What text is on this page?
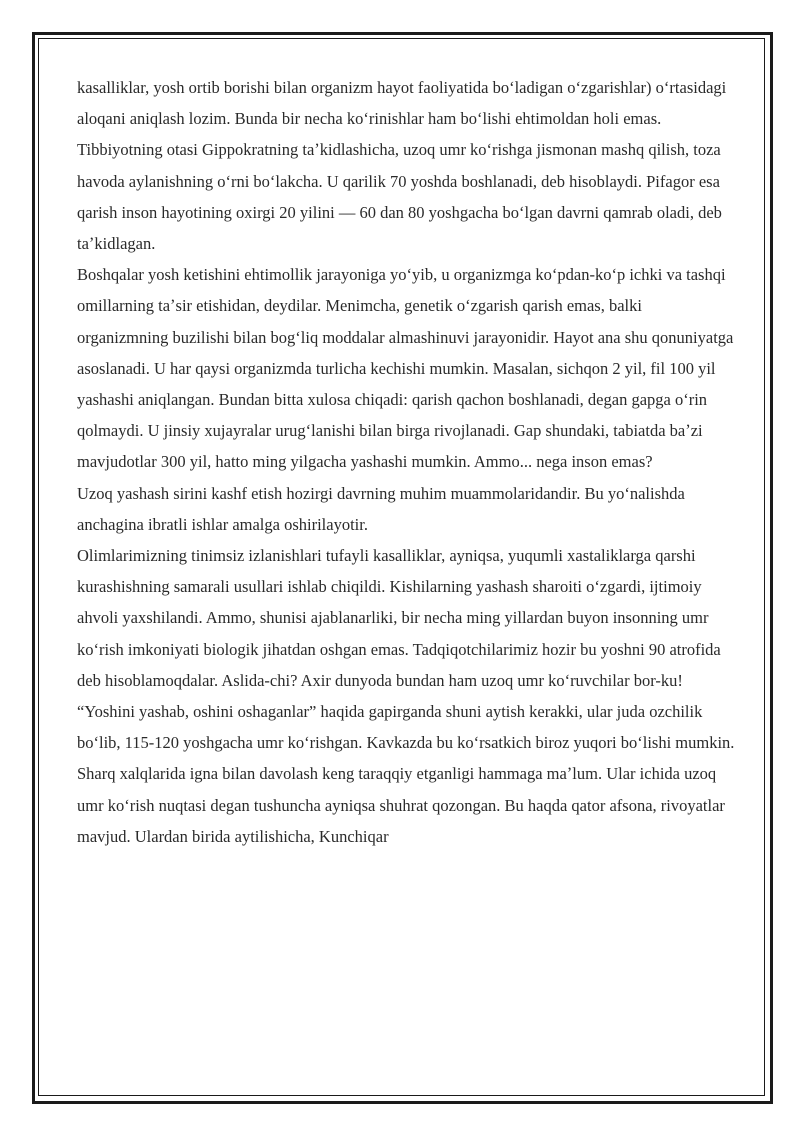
kasalliklar, yosh ortib borishi bilan organizm hayot faoliyatida boʻladigan oʻzgarishlar) oʻrtasidagi aloqani aniqlash lozim. Bunda bir necha koʻrinishlar ham boʻlishi ehtimoldan holi emas.

Tibbiyotning otasi Gippokratning taʼkidlashicha, uzoq umr koʻrishga jismonan mashq qilish, toza havoda aylanishning oʻrni boʻlakcha. U qarilik 70 yoshda boshlanadi, deb hisoblaydi. Pifagor esa qarish inson hayotining oxirgi 20 yilini — 60 dan 80 yoshgacha boʻlgan davrni qamrab oladi, deb taʼkidlagan.

Boshqalar yosh ketishini ehtimollik jarayoniga yoʻyib, u organizmga koʻpdan-koʻp ichki va tashqi omillarning taʼsir etishidan, deydilar. Menimcha, genetik oʻzgarish qarish emas, balki organizmning buzilishi bilan bogʻliq moddalar almashinuvi jarayonidir. Hayot ana shu qonuniyatga asoslanadi. U har qaysi organizmda turlicha kechishi mumkin. Masalan, sichqon 2 yil, fil 100 yil yashashi aniqlangan. Bundan bitta xulosa chiqadi: qarish qachon boshlanadi, degan gapga oʻrin qolmaydi. U jinsiy xujayralar urugʻlanishi bilan birga rivojlanadi. Gap shundaki, tabiatda baʼzi mavjudotlar 300 yil, hatto ming yilgacha yashashi mumkin. Ammo... nega inson emas?

Uzoq yashash sirini kashf etish hozirgi davrning muhim muammolaridandir. Bu yoʻnalishda anchagina ibratli ishlar amalga oshirilayotir.

Olimlarimizning tinimsiz izlanishlari tufayli kasalliklar, ayniqsa, yuqumli xastaliklarga qarshi kurashishning samarali usullari ishlab chiqildi. Kishilarning yashash sharoiti oʻzgardi, ijtimoiy ahvoli yaxshilandi. Ammo, shunisi ajablanarliki, bir necha ming yillardan buyon insonning umr koʻrish imkoniyati biologik jihatdan oshgan emas. Tadqiqotchilarimiz hozir bu yoshni 90 atrofida deb hisoblamoqdalar. Aslida-chi? Axir dunyoda bundan ham uzoq umr koʻruvchilar bor-ku!

“Yoshini yashab, oshini oshaganlar” haqida gapirganda shuni aytish kerakki, ular juda ozchilik boʻlib, 115-120 yoshgacha umr koʻrishgan. Kavkazda bu koʻrsatkich biroz yuqori boʻlishi mumkin.

Sharq xalqlarida igna bilan davolash keng taraqqiy etganligi hammaga maʼlum. Ular ichida uzoq umr koʻrish nuqtasi degan tushuncha ayniqsa shuhrat qozongan. Bu haqda qator afsona, rivoyatlar mavjud. Ulardan birida aytilishicha, Kunchiqar
